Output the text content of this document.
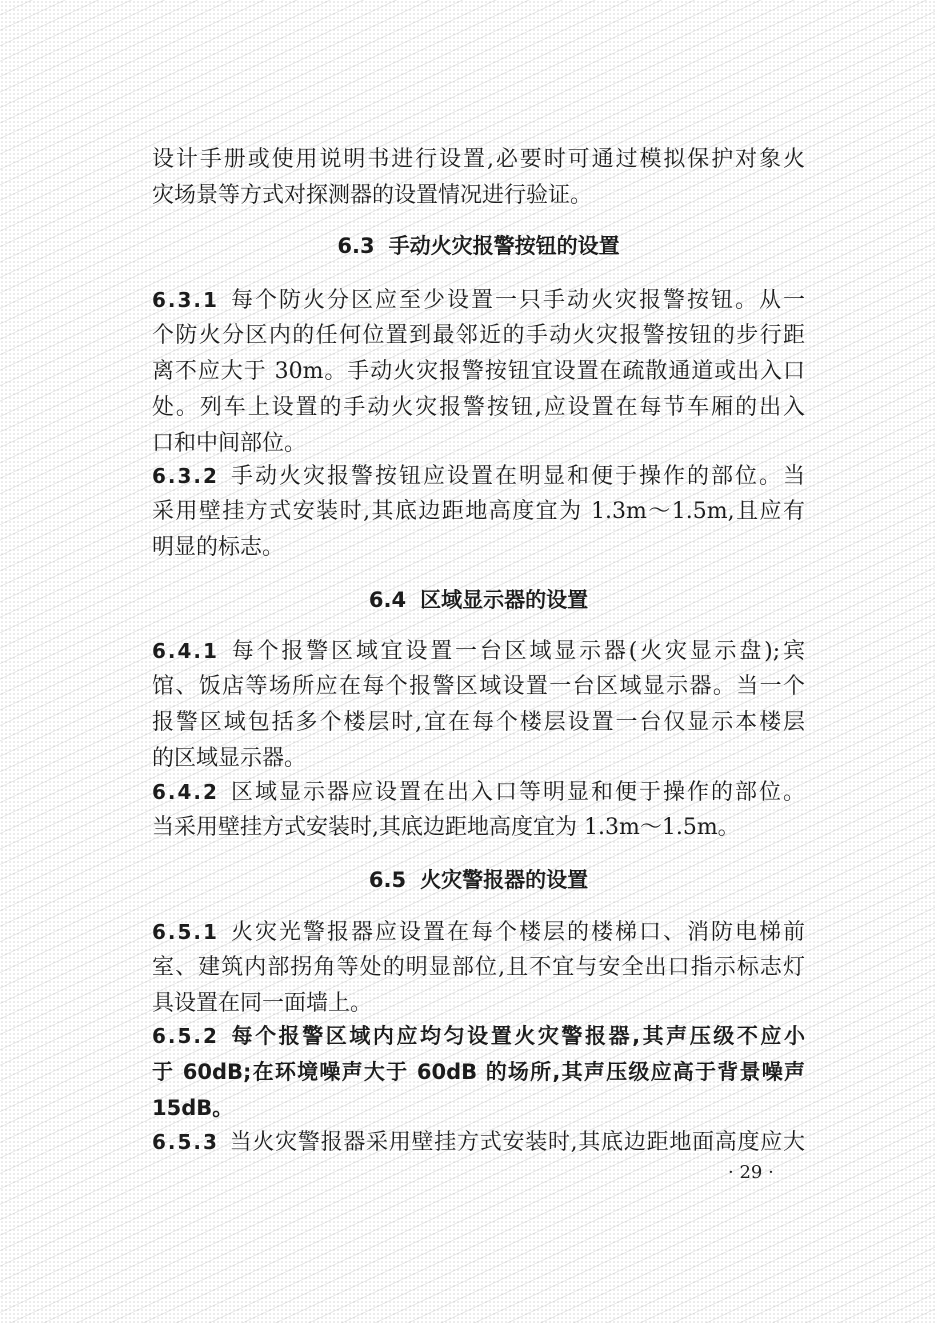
设计手册或使用说明书进行设置,必要时可通过模拟保护对象火
灾场景等方式对探测器的设置情况进行验证。
6.3 手动火灾报警按钮的设置
6.3.1 每个防火分区应至少设置一只手动火灾报警按钮。从一
个防火分区内的任何位置到最邻近的手动火灾报警按钮的步行距
离不应大于 30m。手动火灾报警按钮宜设置在疏散通道或出入口
处。列车上设置的手动火灾报警按钮,应设置在每节车厢的出入
口和中间部位。
6.3.2 手动火灾报警按钮应设置在明显和便于操作的部位。当
采用壁挂方式安装时,其底边距地高度宜为 1.3m～1.5m,且应有
明显的标志。
6.4 区域显示器的设置
6.4.1 每个报警区域宜设置一台区域显示器(火灾显示盘);宾
馆、饭店等场所应在每个报警区域设置一台区域显示器。当一个
报警区域包括多个楼层时,宜在每个楼层设置一台仅显示本楼层
的区域显示器。
6.4.2 区域显示器应设置在出入口等明显和便于操作的部位。
当采用壁挂方式安装时,其底边距地高度宜为 1.3m～1.5m。
6.5 火灾警报器的设置
6.5.1 火灾光警报器应设置在每个楼层的楼梯口、消防电梯前
室、建筑内部拐角等处的明显部位,且不宜与安全出口指示标志灯
具设置在同一面墙上。
6.5.2 每个报警区域内应均匀设置火灾警报器,其声压级不应小
于 60dB;在环境噪声大于 60dB 的场所,其声压级应高于背景噪声
15dB。
6.5.3 当火灾警报器采用壁挂方式安装时,其底边距地面高度应大
· 29 ·
